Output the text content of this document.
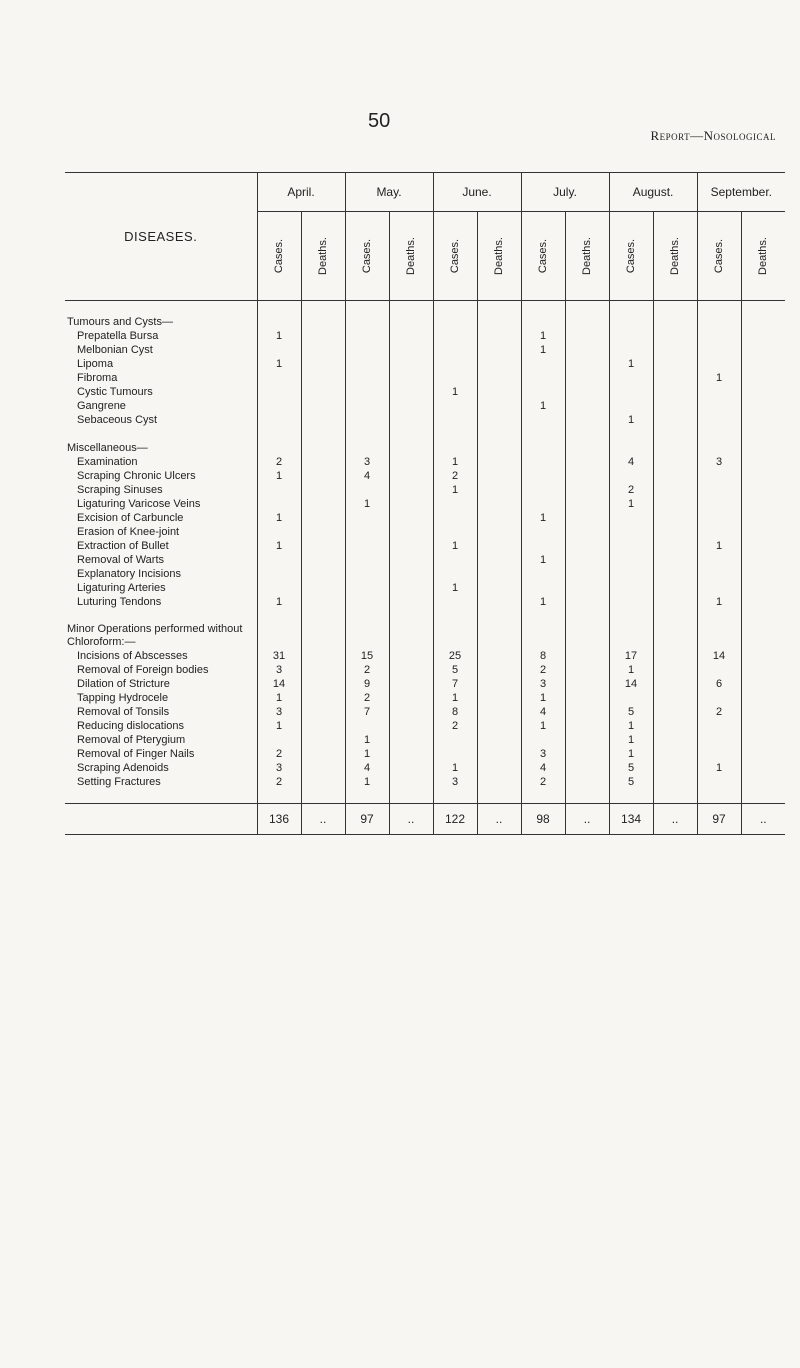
50
Report—Nosological
DISEASES.	April.		May.		June.		July.		August.		September.	
	Cases.	Deaths.	Cases.	Deaths.	Cases.	Deaths.	Cases.	Deaths.	Cases.	Deaths.	Cases.	Deaths.

Tumours and Cysts—												
Prepatella Bursa	1						1					
Melbonian Cyst							1					
Lipoma	1								1			
Fibroma											1	
Cystic Tumours					1							
Gangrene							1					
Sebaceous Cyst									1			

Miscellaneous—												
Examination	2		3		1				4		3	
Scraping Chronic Ulcers	1		4		2							
Scraping Sinuses					1				2			
Ligaturing Varicose Veins			1						1			
Excision of Carbuncle	1						1					
Erasion of Knee-joint												
Extraction of Bullet	1				1						1	
Removal of Warts							1					
Explanatory Incisions												
Ligaturing Arteries					1							
Luturing Tendons	1						1				1	

Minor Operations performed without Chloroform:—												
Incisions of Abscesses	31		15		25		8		17		14	
Removal of Foreign bodies	3		2		5		2		1			
Dilation of Stricture	14		9		7		3		14		6	
Tapping Hydrocele	1		2		1		1					
Removal of Tonsils	3		7		8		4		5		2	
Reducing dislocations	1				2		1		1			
Removal of Pterygium			1						1			
Removal of Finger Nails	2		1				3		1			
Scraping Adenoids	3		4		1		4		5		1	
Setting Fractures	2		1		3		2		5			

	136	..	97	..	122	..	98	..	134	..	97	..
